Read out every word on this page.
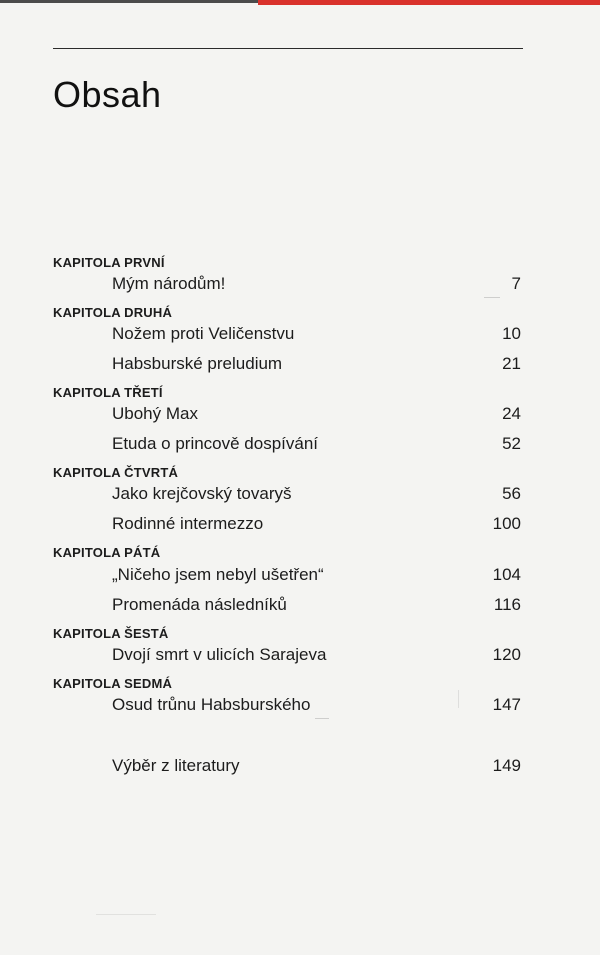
Obsah
KAPITOLA PRVNÍ
Mým národům!	7
KAPITOLA DRUHÁ
Nožem proti Veličenstvu	10
Habsburské preludium	21
KAPITOLA TŘETÍ
Ubohý Max	24
Etuda o princově dospívání	52
KAPITOLA ČTVRTÁ
Jako krejčovský tovaryš	56
Rodinné intermezzo	100
KAPITOLA PÁTÁ
„Ničeho jsem nebyl ušetřen“	104
Promenáda následníků	116
KAPITOLA ŠESTÁ
Dvojí smrt v ulicích Sarajeva	120
KAPITOLA SEDMÁ
Osud trůnu Habsburského	147
Výběr z literatury	149
